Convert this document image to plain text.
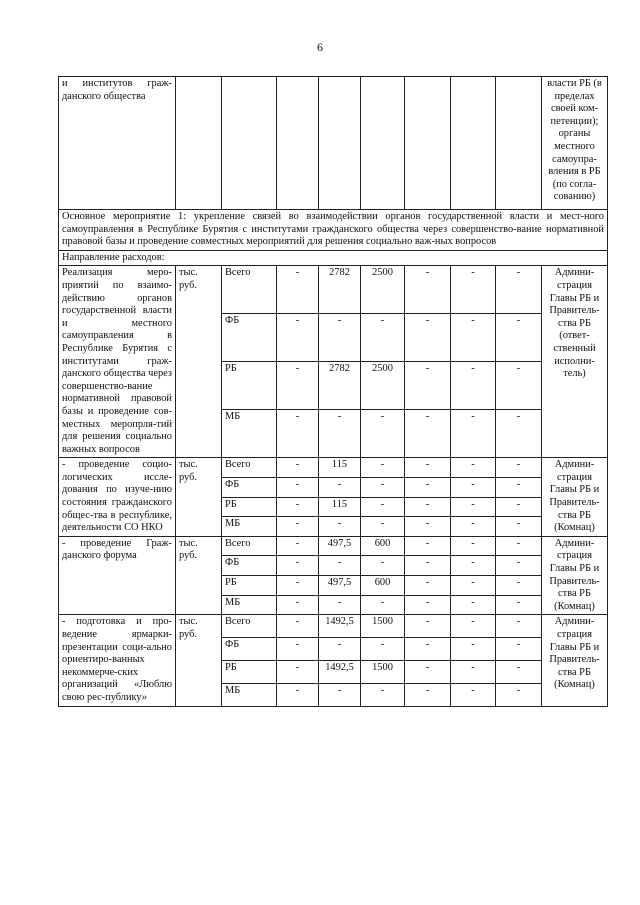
6
и институтов граж-данского общества									власти РБ (в пределах своей ком-петенции); органы местного самоупра-вления в РБ (по согла-сованию)
Основное мероприятие 1: укрепление связей во взаимодействии органов государственной власти и мест-ного самоуправления в Республике Бурятия с институтами гражданского общества через совершенство-вание нормативной правовой базы и проведение совместных мероприятий для решения социально важ-ных вопросов									
Направление расходов:									
Реализация меро-приятий по взаимо-действию органов государственной власти и местного самоуправления в Республике Бурятия с институтами граж-данского общества через совершенство-вание нормативной правовой базы и проведение сов-местных меропрля-тий для решения социально важных вопросов	тыс. руб.	Всего	-	2782	2500	-	-	-	Админи-страция Главы РБ и Правитель-ства РБ (ответ-ственный исполни-тель)
		ФБ	-	-	-	-	-	-	
		РБ	-	2782	2500	-	-	-	
		МБ	-	-	-	-	-	-	
- проведение социо-логических иссле-дования по изуче-нию состояния гражданского общес-тва в республике, деятельности СО НКО	тыс. руб.	Всего	-	115	-	-	-	-	Админи-страция Главы РБ и Правитель-ства РБ (Комнац)
		ФБ	-	-	-	-	-	-	
		РБ	-	115	-	-	-	-	
		МБ	-	-	-	-	-	-	
- проведение Граж-данского форума	тыс. руб.	Всего	-	497,5	600	-	-	-	Админи-страция Главы РБ и Правитель-ства РБ (Комнац)
		ФБ	-	-	-	-	-	-	
		РБ	-	497,5	600	-	-	-	
		МБ	-	-	-	-	-	-	
- подготовка и про-ведение ярмарки-презентации соци-ально ориентиро-ванных некоммерче-ских организаций «Люблю свою рес-публику»	тыс. руб.	Всего	-	1492,5	1500	-	-	-	Админи-страция Главы РБ и Правитель-ства РБ (Комнац)
		ФБ	-	-	-	-	-	-	
		РБ	-	1492,5	1500	-	-	-	
		МБ	-	-	-	-	-	-	
